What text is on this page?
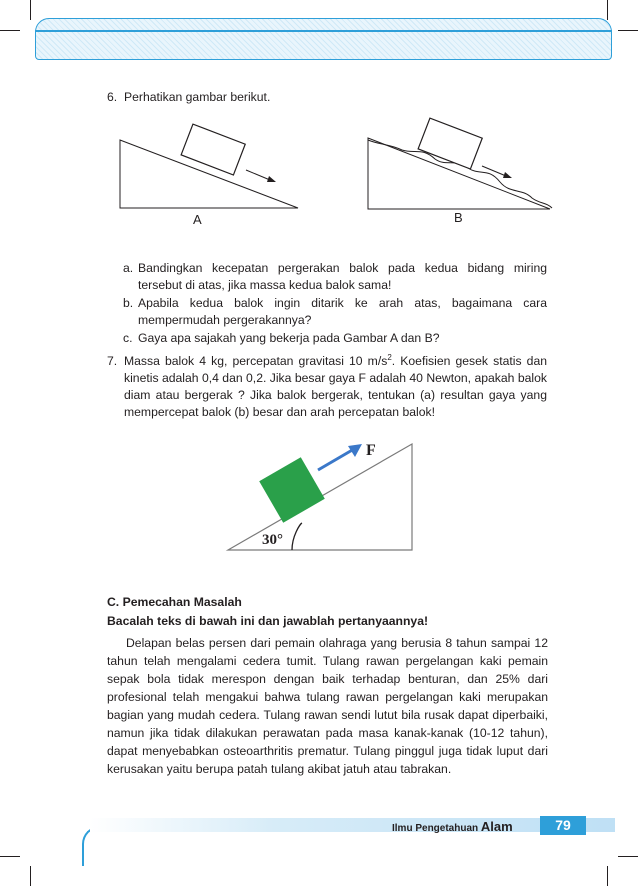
6. Perhatikan gambar berikut.
A	B
a. Bandingkan kecepatan pergerakan balok pada kedua bidang miring tersebut di atas, jika massa kedua balok sama!
b. Apabila kedua balok ingin ditarik ke arah atas, bagaimana cara mempermudah pergerakannya?
c. Gaya apa sajakah yang bekerja pada Gambar A dan B?
7. Massa balok 4 kg, percepatan gravitasi 10 $m/s^2$. Koefisien gesek statis dan kinetis adalah 0,4 dan 0,2. Jika besar gaya F adalah 40 Newton, apakah balok diam atau bergerak ? Jika balok bergerak, tentukan (a) resultan gaya yang mempercepat balok (b) besar dan arah percepatan balok!
F
30°
C. Pemecahan Masalah
Bacalah teks di bawah ini dan jawablah pertanyaannya!
Delapan belas persen dari pemain olahraga yang berusia 8 tahun sampai 12 tahun telah mengalami cedera tumit. Tulang rawan pergelangan kaki pemain sepak bola tidak merespon dengan baik terhadap benturan, dan 25% dari profesional telah mengakui bahwa tulang rawan pergelangan kaki merupakan bagian yang mudah cedera. Tulang rawan sendi lutut bila rusak dapat diperbaiki, namun jika tidak dilakukan perawatan pada masa kanak-kanak (10-12 tahun), dapat menyebabkan osteoarthritis prematur. Tulang pinggul juga tidak luput dari kerusakan yaitu berupa patah tulang akibat jatuh atau tabrakan.
Ilmu Pengetahuan Alam	79
